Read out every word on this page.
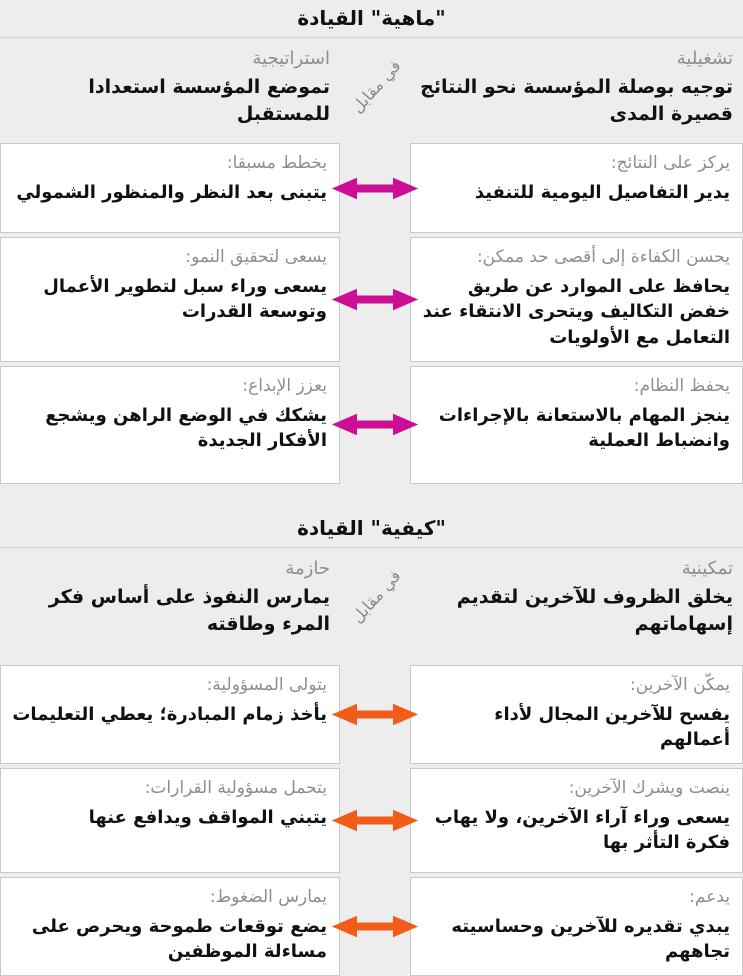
"ماهية" القيادة
تشغيلية
توجيه بوصلة المؤسسة نحو النتائج قصيرة المدى
في مقابل
استراتيجية
تموضع المؤسسة استعدادا للمستقبل
يركز على النتائج:
يدير التفاصيل اليومية للتنفيذ
يخطط مسبقا:
يتبنى بعد النظر والمنظور الشمولي
يحسن الكفاءة إلى أقصى حد ممكن:
يحافظ على الموارد عن طريق خفض التكاليف ويتحرى الانتقاء عند التعامل مع الأولويات
يسعى لتحقيق النمو:
يسعى وراء سبل لتطوير الأعمال وتوسعة القدرات
يحفظ النظام:
ينجز المهام بالاستعانة بالإجراءات وانضباط العملية
يعزز الإبداع:
يشكك في الوضع الراهن ويشجع الأفكار الجديدة
"كيفية" القيادة
تمكينية
يخلق الظروف للآخرين لتقديم إسهاماتهم
في مقابل
حازمة
يمارس النفوذ على أساس فكر المرء وطاقته
يمكّن الآخرين:
يفسح للآخرين المجال لأداء أعمالهم
يتولى المسؤولية:
يأخذ زمام المبادرة؛ يعطي التعليمات
ينصت ويشرك الآخرين:
يسعى وراء آراء الآخرين، ولا يهاب فكرة التأثر بها
يتحمل مسؤولية القرارات:
يتبني المواقف ويدافع عنها
يدعم:
يبدي تقديره للآخرين وحساسيته تجاههم
يمارس الضغوط:
يضع توقعات طموحة ويحرص على مساءلة الموظفين
